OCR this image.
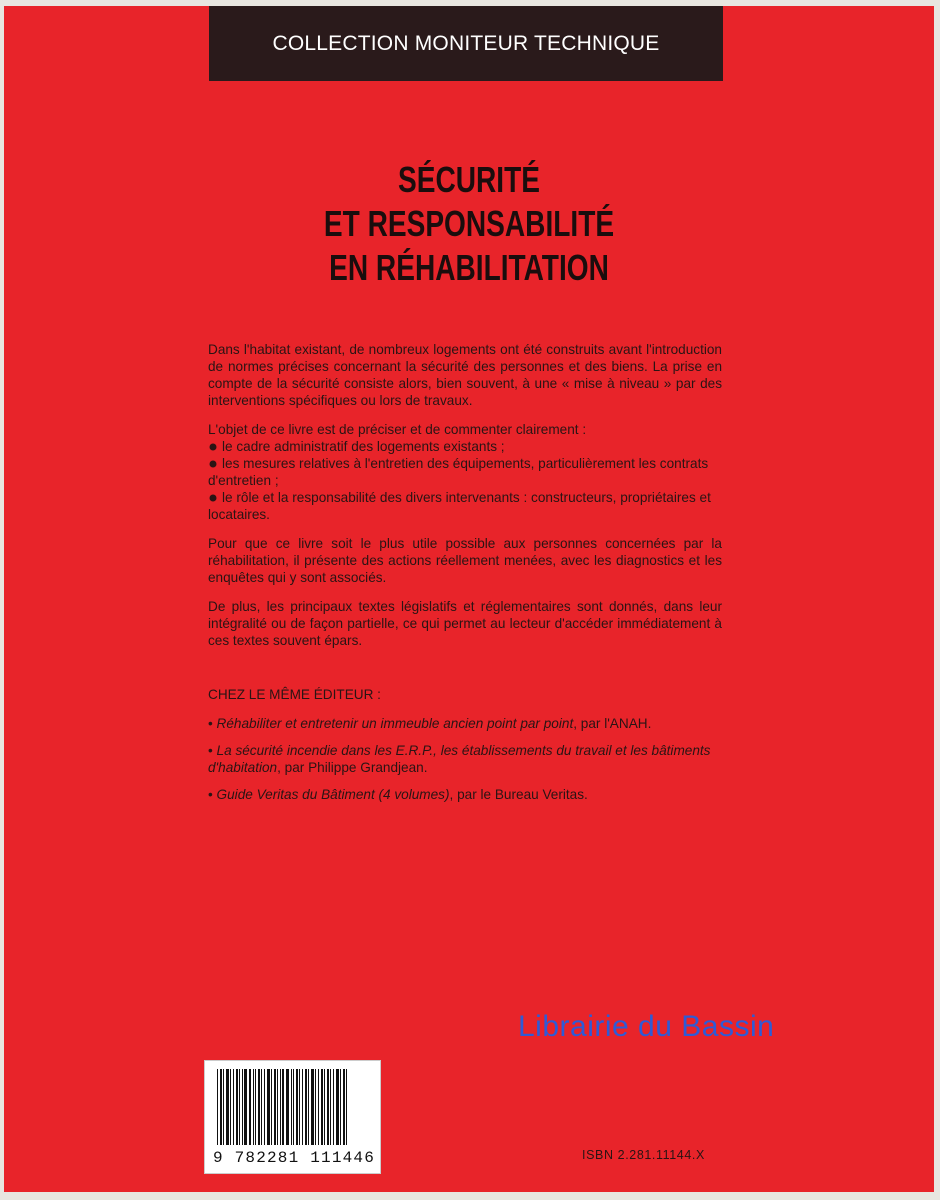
COLLECTION MONITEUR TECHNIQUE
SÉCURITÉ
ET RESPONSABILITÉ
EN RÉHABILITATION

Dans l'habitat existant, de nombreux logements ont été construits avant l'introduction de normes précises concernant la sécurité des personnes et des biens. La prise en compte de la sécurité consiste alors, bien souvent, à une « mise à niveau » par des interventions spécifiques ou lors de travaux.

L'objet de ce livre est de préciser et de commenter clairement :
le cadre administratif des logements existants ;
les mesures relatives à l'entretien des équipements, particulièrement les contrats d'entretien ;
le rôle et la responsabilité des divers intervenants : constructeurs, propriétaires et locataires.

Pour que ce livre soit le plus utile possible aux personnes concernées par la réhabilitation, il présente des actions réellement menées, avec les diagnostics et les enquêtes qui y sont associés.

De plus, les principaux textes législatifs et réglementaires sont donnés, dans leur intégralité ou de façon partielle, ce qui permet au lecteur d'accéder immédiatement à ces textes souvent épars.

CHEZ LE MÊME ÉDITEUR :
• Réhabiliter et entretenir un immeuble ancien point par point, par l'ANAH.
• La sécurité incendie dans les E.R.P., les établissements du travail et les bâtiments d'habitation, par Philippe Grandjean.
• Guide Veritas du Bâtiment (4 volumes), par le Bureau Veritas.
Librairie du Bassin
9 782281 111446	ISBN 2.281.11144.X
